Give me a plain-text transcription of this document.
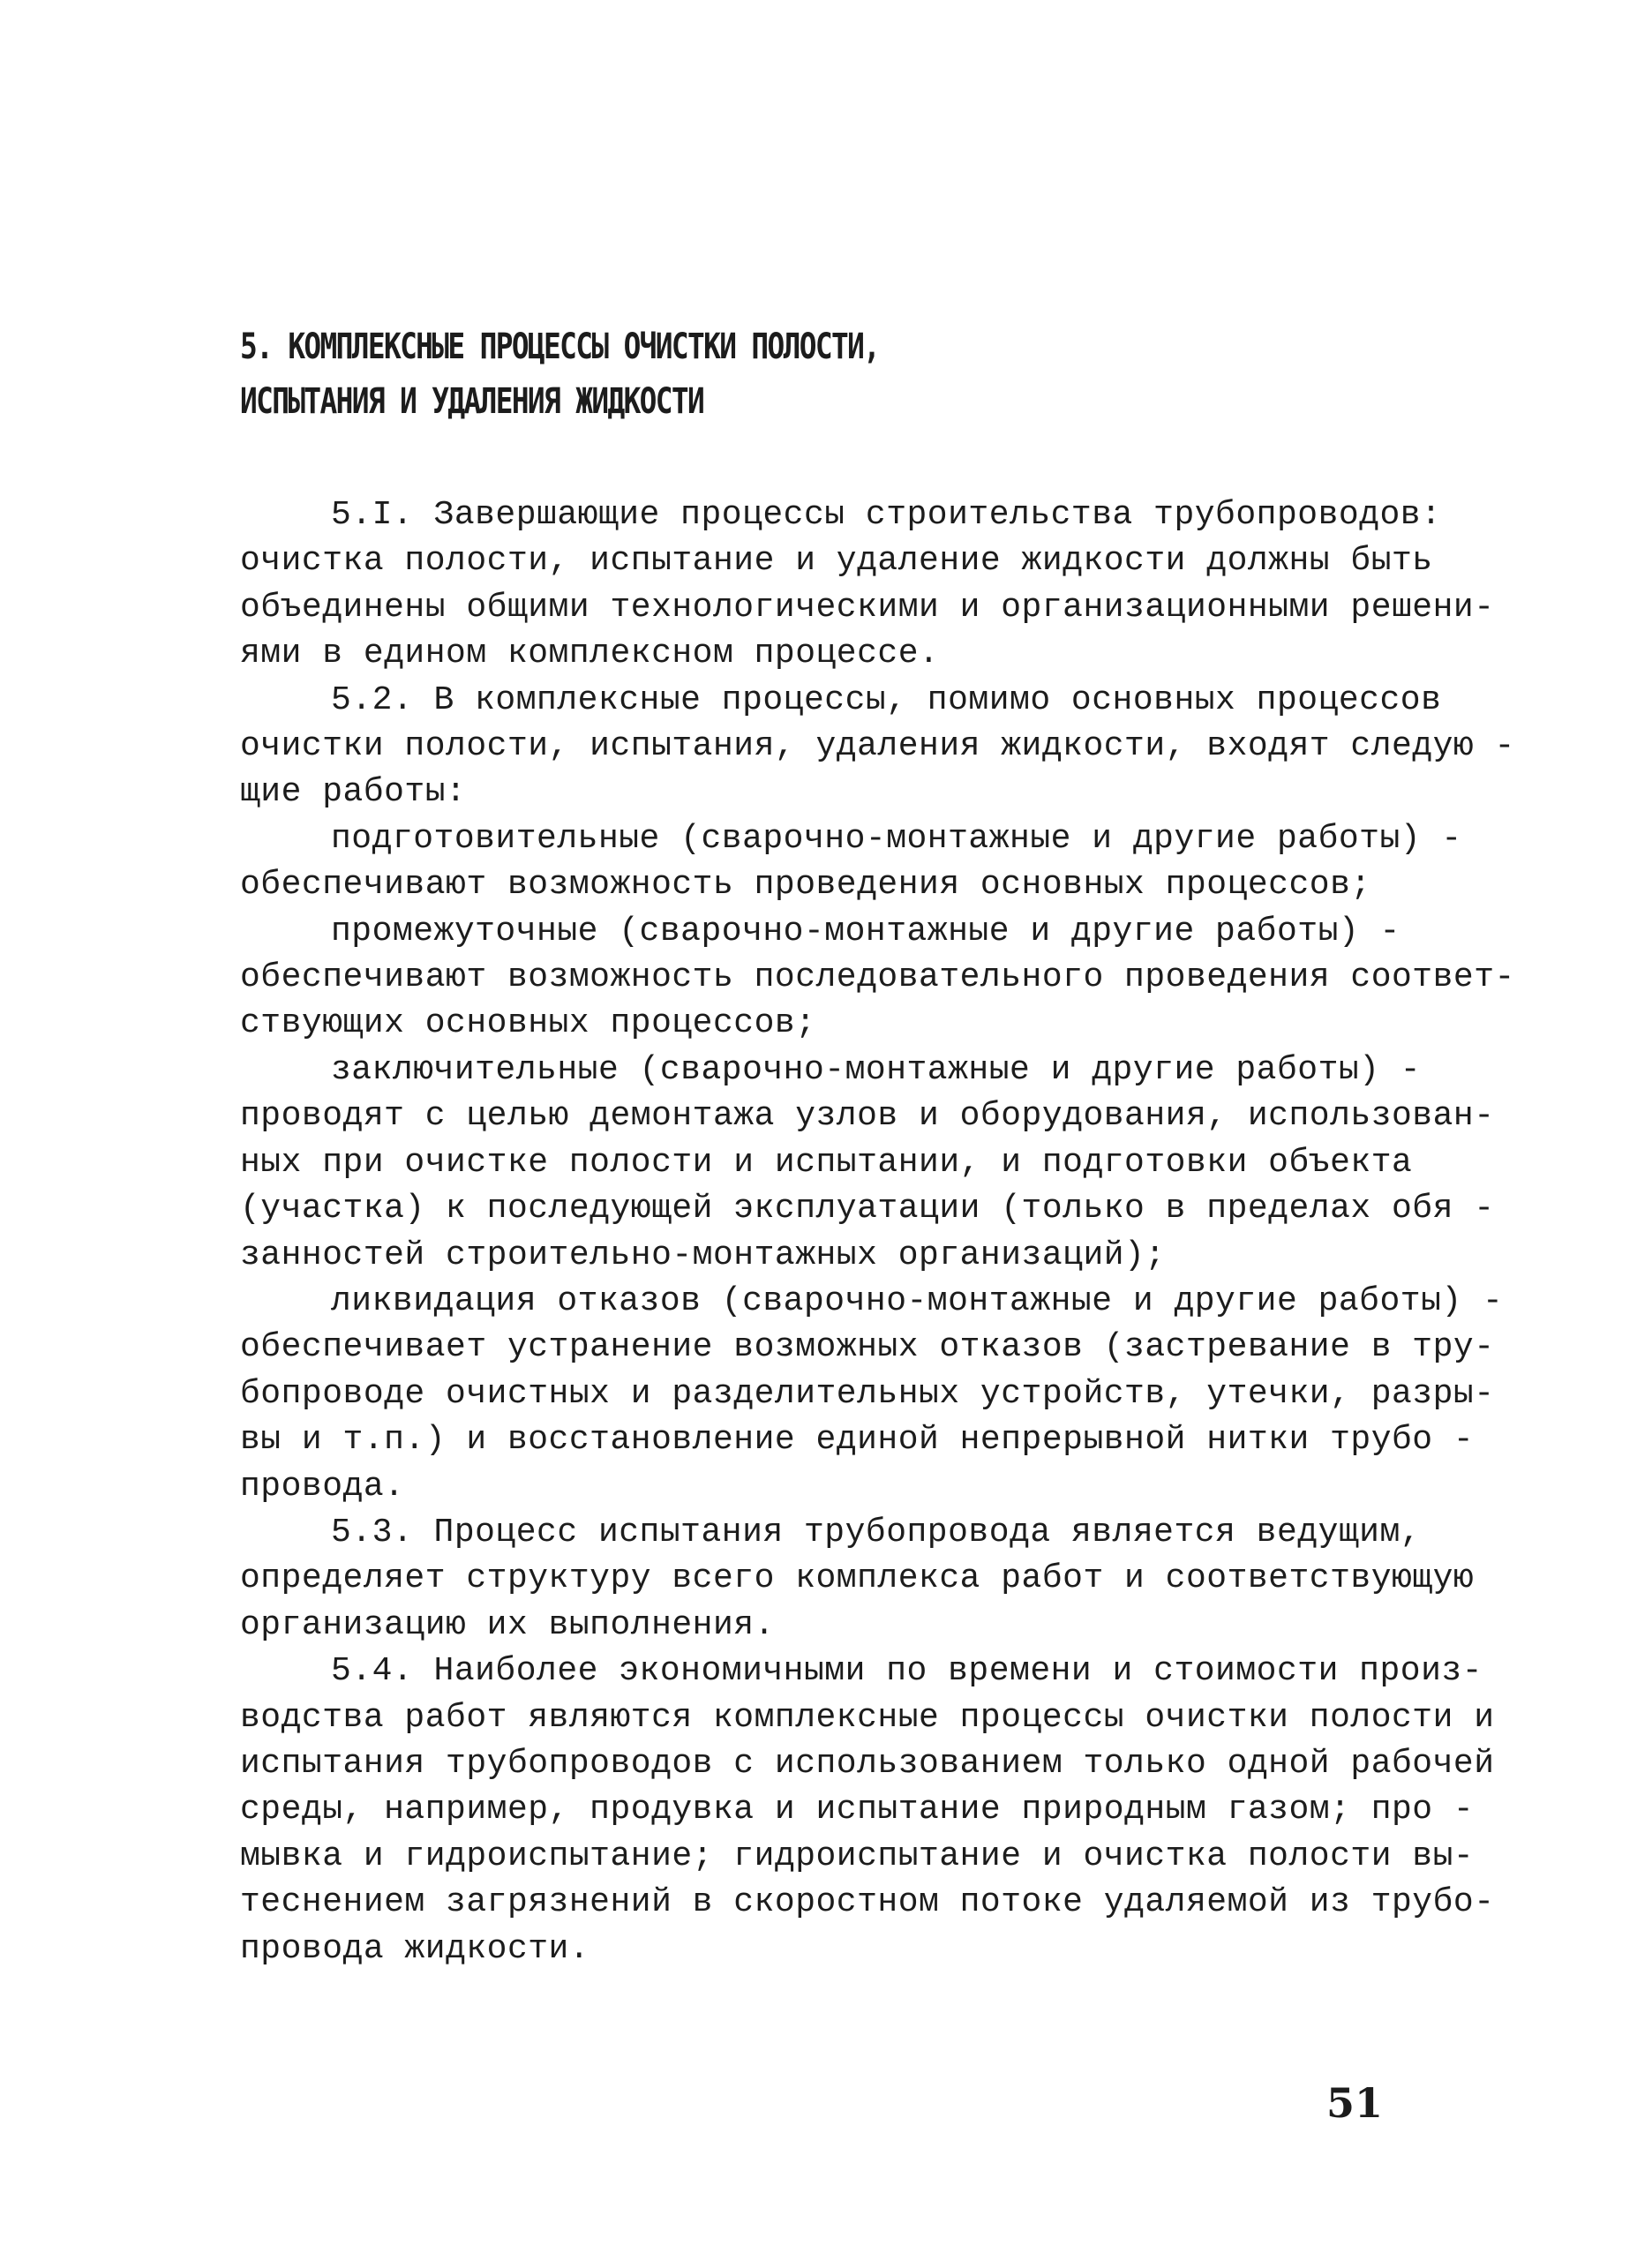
5. КОМПЛЕКСНЫЕ ПРОЦЕССЫ ОЧИСТКИ ПОЛОСТИ,
ИСПЫТАНИЯ И УДАЛЕНИЯ ЖИДКОСТИ
5.I. Завершающие процессы строительства трубопроводов:
очистка полости, испытание и удаление жидкости должны быть
объединены общими технологическими и организационными решени-
ями в едином комплексном процессе.
5.2. В комплексные процессы, помимо основных процессов
очистки полости, испытания, удаления жидкости, входят следую -
щие работы:
подготовительные (сварочно-монтажные и другие работы) -
обеспечивают возможность проведения основных процессов;
промежуточные (сварочно-монтажные и другие работы) -
обеспечивают возможность последовательного проведения соответ-
ствующих основных процессов;
заключительные (сварочно-монтажные и другие работы) -
проводят с целью демонтажа узлов и оборудования, использован-
ных при очистке полости и испытании, и подготовки объекта
(участка) к последующей эксплуатации (только в пределах обя -
занностей строительно-монтажных организаций);
ликвидация отказов (сварочно-монтажные и другие работы) -
обеспечивает устранение возможных отказов (застревание в тру-
бопроводе очистных и разделительных устройств, утечки, разры-
вы и т.п.) и восстановление единой непрерывной нитки трубо -
провода.
5.3. Процесс испытания трубопровода является ведущим,
определяет структуру всего комплекса работ и соответствующую
организацию их выполнения.
5.4. Наиболее экономичными по времени и стоимости произ-
водства работ являются комплексные процессы очистки полости и
испытания трубопроводов с использованием только одной рабочей
среды, например, продувка и испытание природным газом; про -
мывка и гидроиспытание; гидроиспытание и очистка полости вы-
теснением загрязнений в скоростном потоке удаляемой из трубо-
провода жидкости.
51
